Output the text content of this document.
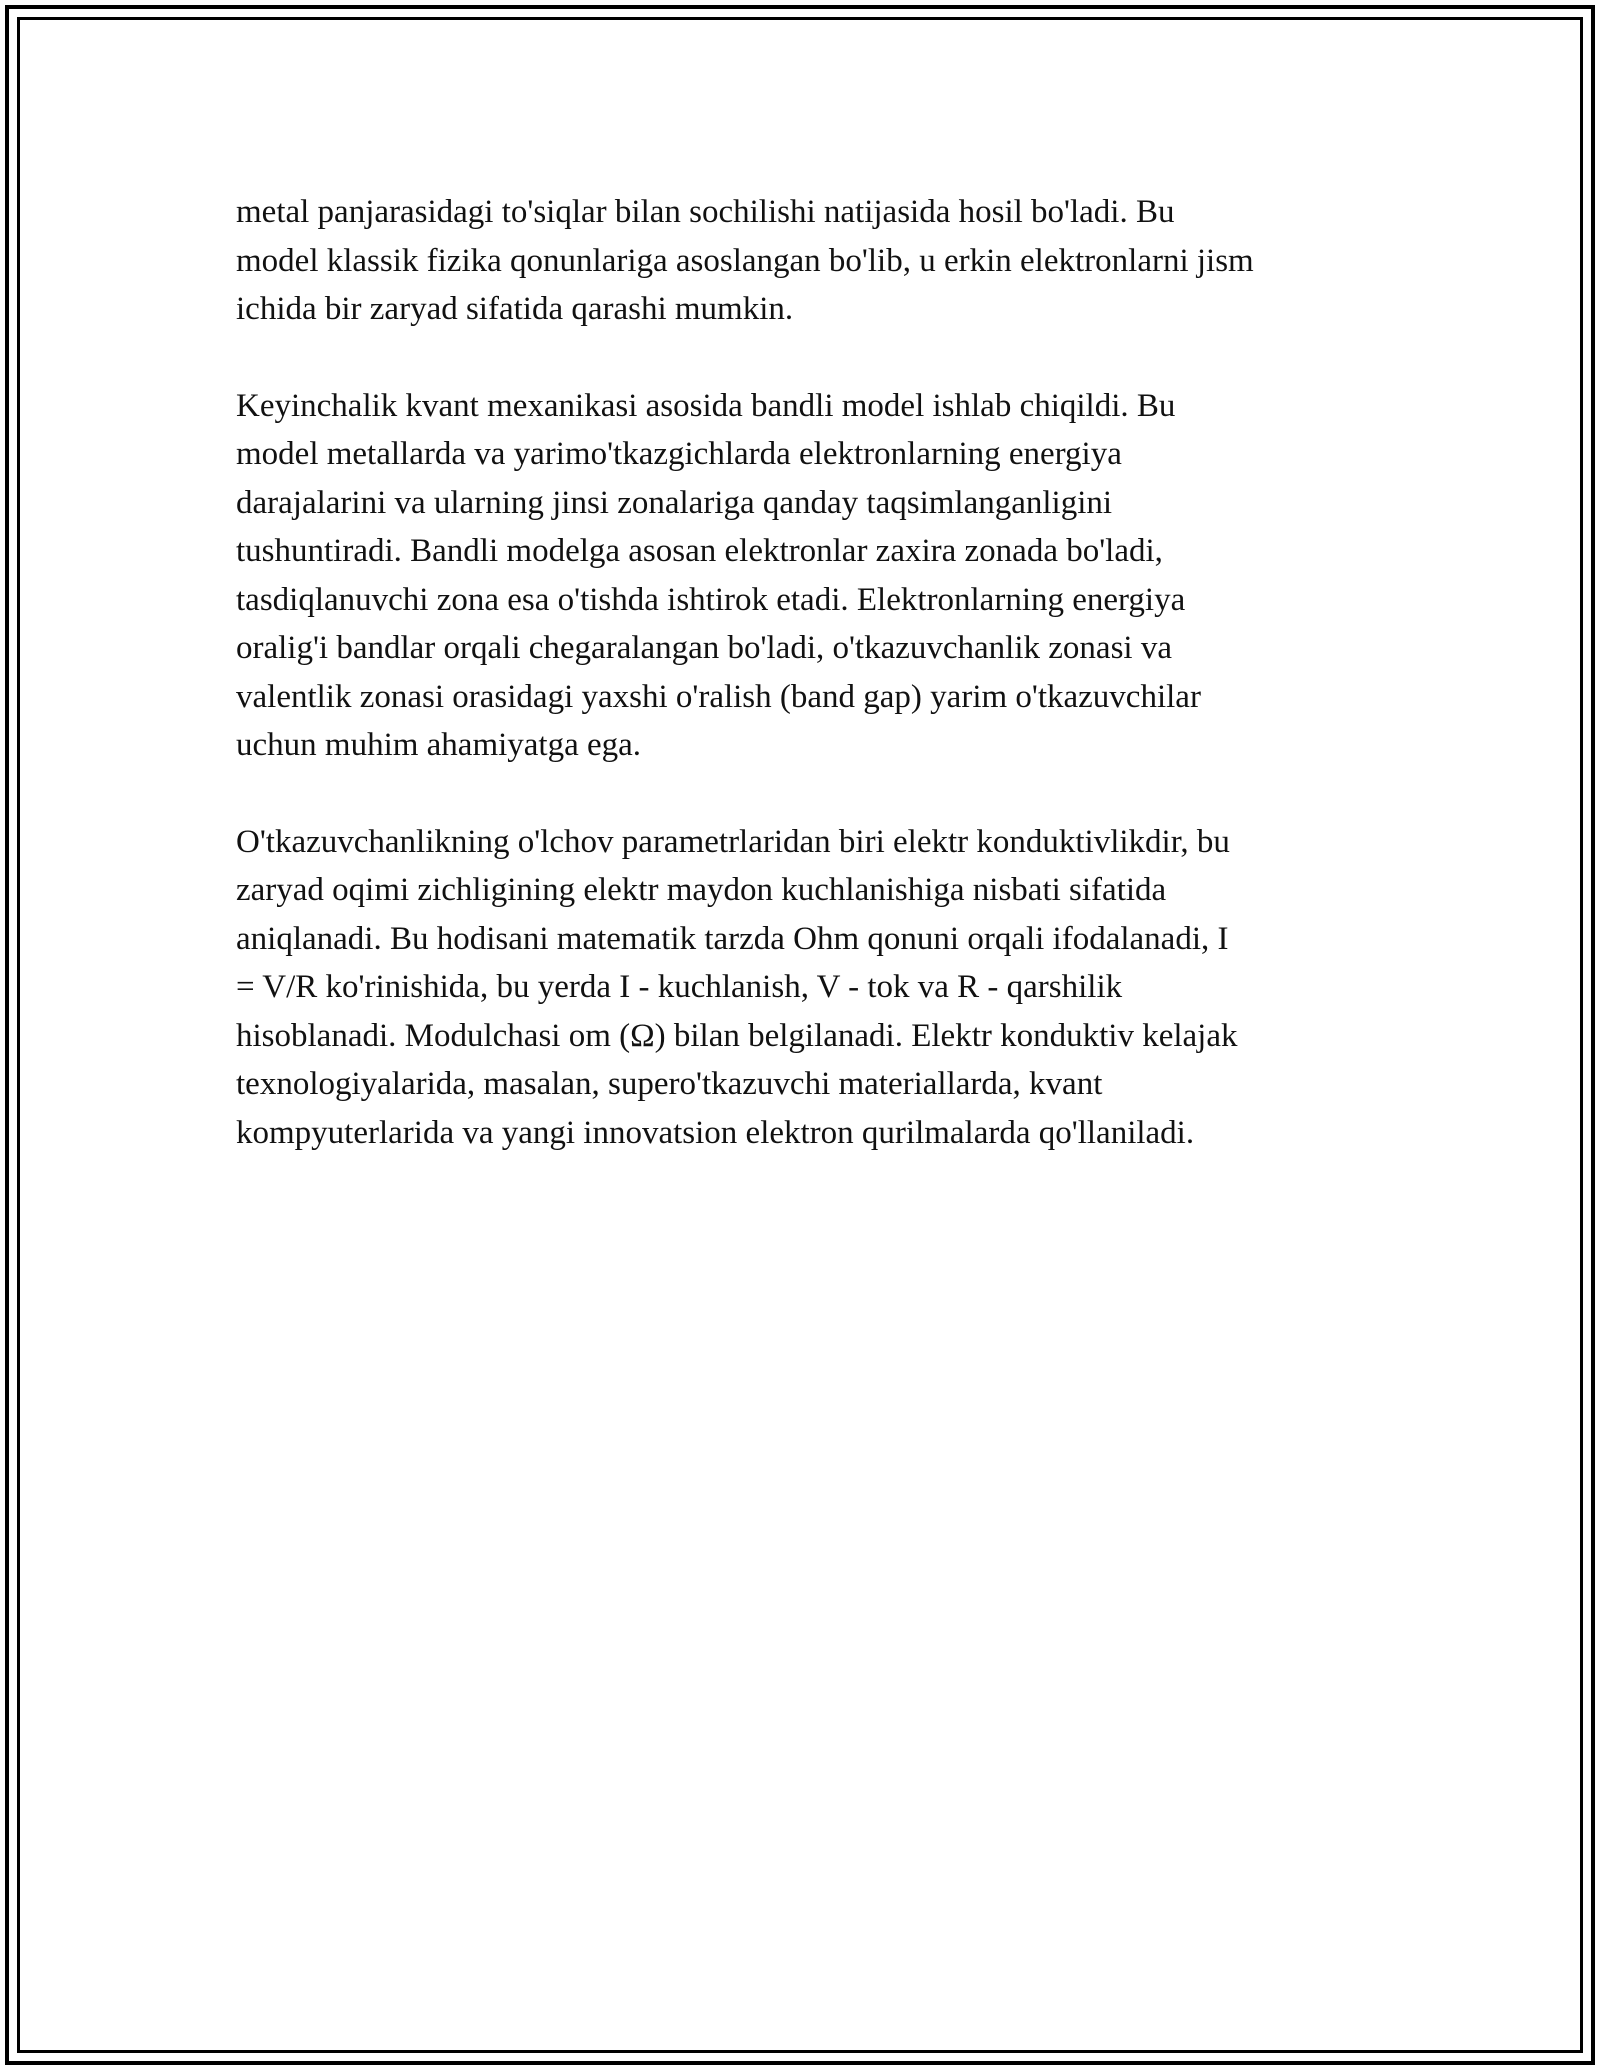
metal panjarasidagi to'siqlar bilan sochilishi natijasida hosil bo'ladi. Bu
model klassik fizika qonunlariga asoslangan bo'lib, u erkin elektronlarni jism
ichida bir zaryad sifatida qarashi mumkin.

Keyinchalik kvant mexanikasi asosida bandli model ishlab chiqildi. Bu
model metallarda va yarimo'tkazgichlarda elektronlarning energiya
darajalarini va ularning jinsi zonalariga qanday taqsimlanganligini
tushuntiradi. Bandli modelga asosan elektronlar zaxira zonada bo'ladi,
tasdiqlanuvchi zona esa o'tishda ishtirok etadi. Elektronlarning energiya
oralig'i bandlar orqali chegaralangan bo'ladi, o'tkazuvchanlik zonasi va
valentlik zonasi orasidagi yaxshi o'ralish (band gap) yarim o'tkazuvchilar
uchun muhim ahamiyatga ega.

O'tkazuvchanlikning o'lchov parametrlaridan biri elektr konduktivlikdir, bu
zaryad oqimi zichligining elektr maydon kuchlanishiga nisbati sifatida
aniqlanadi. Bu hodisani matematik tarzda Ohm qonuni orqali ifodalanadi, I
= V/R ko'rinishida, bu yerda I - kuchlanish, V - tok va R - qarshilik
hisoblanadi. Modulchasi om (Ω) bilan belgilanadi. Elektr konduktiv kelajak
texnologiyalarida, masalan, supero'tkazuvchi materiallarda, kvant
kompyuterlarida va yangi innovatsion elektron qurilmalarda qo'llaniladi.
